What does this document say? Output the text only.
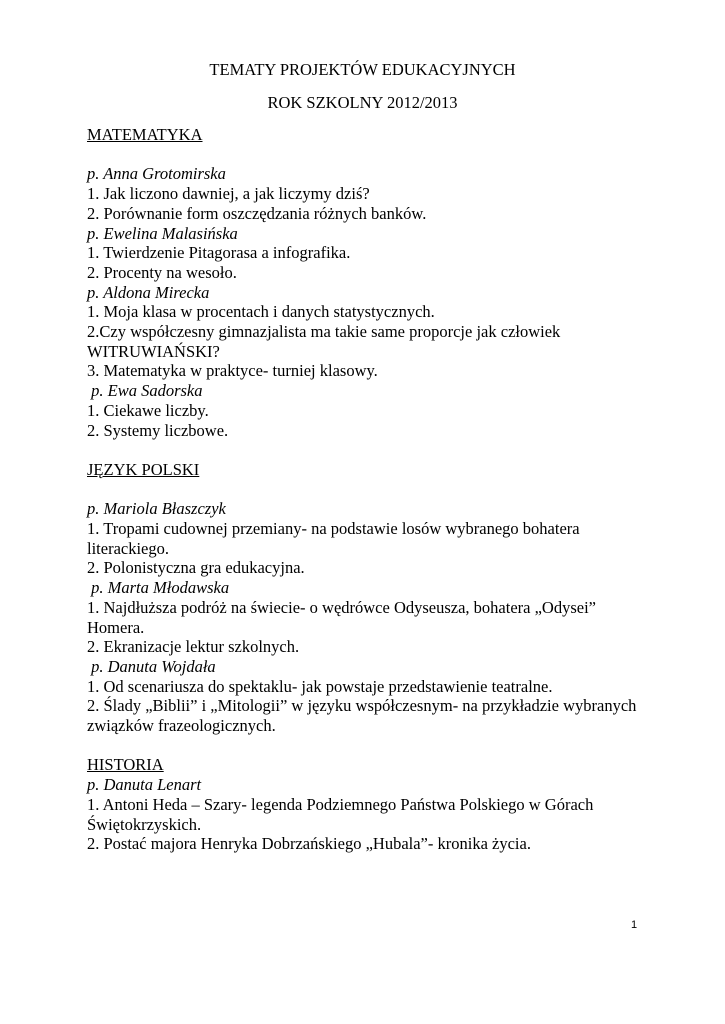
TEMATY PROJEKTÓW EDUKACYJNYCH
ROK SZKOLNY 2012/2013
MATEMATYKA
p. Anna Grotomirska
1. Jak liczono dawniej, a jak liczymy dziś?
2. Porównanie form oszczędzania różnych banków.
p. Ewelina Malasińska
1. Twierdzenie Pitagorasa a infografika.
2. Procenty na wesoło.
p. Aldona Mirecka
1. Moja klasa w procentach i danych statystycznych.
2.Czy współczesny gimnazjalista ma takie same proporcje jak człowiek WITRUWIAŃSKI?
3. Matematyka w praktyce- turniej klasowy.
p. Ewa Sadorska
1. Ciekawe liczby.
2. Systemy liczbowe.
JĘZYK POLSKI
p. Mariola Błaszczyk
1. Tropami cudownej przemiany- na podstawie losów wybranego bohatera literackiego.
2. Polonistyczna gra edukacyjna.
p. Marta Młodawska
1. Najdłuższa podróż na świecie- o wędrówce Odyseusza, bohatera „Odysei” Homera.
2. Ekranizacje lektur szkolnych.
p. Danuta Wojdała
1. Od scenariusza do spektaklu- jak powstaje przedstawienie teatralne.
2. Ślady „Biblii” i „Mitologii” w języku współczesnym- na przykładzie wybranych związków frazeologicznych.
HISTORIA
p. Danuta Lenart
1. Antoni Heda – Szary- legenda Podziemnego Państwa Polskiego w Górach Świętokrzyskich.
2. Postać majora Henryka Dobrzańskiego „Hubala”- kronika życia.
1
